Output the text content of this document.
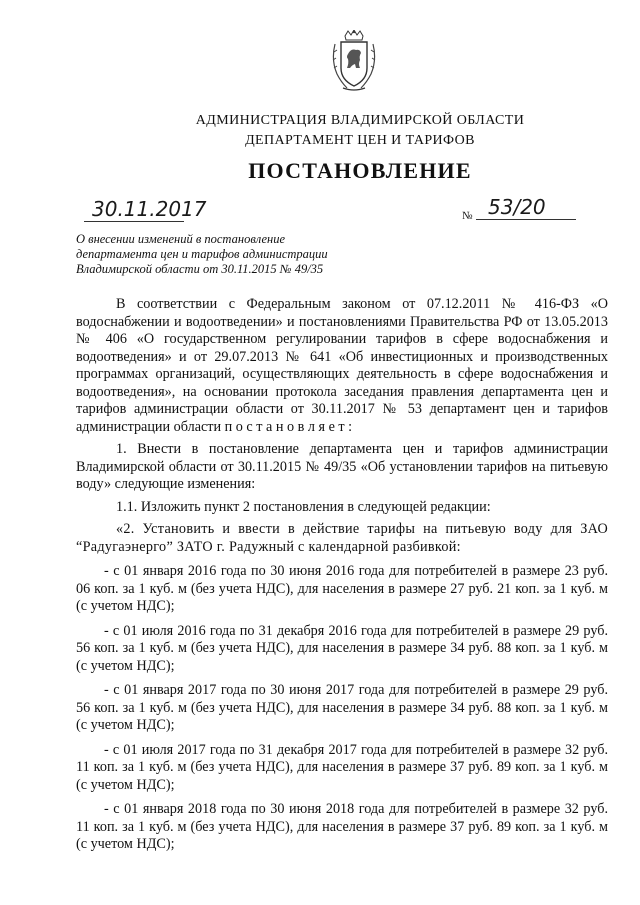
АДМИНИСТРАЦИЯ ВЛАДИМИРСКОЙ ОБЛАСТИ
ДЕПАРТАМЕНТ ЦЕН И ТАРИФОВ
ПОСТАНОВЛЕНИЕ
30.11.2017	№ 53/20
О внесении изменений в постановление
департамента цен и тарифов администрации
Владимирской области от 30.11.2015 № 49/35

В соответствии с Федеральным законом от 07.12.2011 № 416-ФЗ «О водоснабжении и водоотведении» и постановлениями Правительства РФ от 13.05.2013 № 406 «О государственном регулировании тарифов в сфере водоснабжения и водоотведения» и от 29.07.2013 № 641 «Об инвестиционных и производственных программах организаций, осуществляющих деятельность в сфере водоснабжения и водоотведения», на основании протокола заседания правления департамента цен и тарифов администрации области от 30.11.2017 № 53 департамент цен и тарифов администрации области п о с т а н о в л я е т :

1. Внести в постановление департамента цен и тарифов администрации Владимирской области от 30.11.2015 № 49/35 «Об установлении тарифов на питьевую воду» следующие изменения:

1.1. Изложить пункт 2 постановления в следующей редакции:

«2. Установить и ввести в действие тарифы на питьевую воду для ЗАО “Радугаэнерго” ЗАТО г. Радужный с календарной разбивкой:

- с 01 января 2016 года по 30 июня 2016 года для потребителей в размере 23 руб. 06 коп. за 1 куб. м (без учета НДС), для населения в размере 27 руб. 21 коп. за 1 куб. м (с учетом НДС);

- с 01 июля 2016 года по 31 декабря 2016 года для потребителей в размере 29 руб. 56 коп. за 1 куб. м (без учета НДС), для населения в размере 34 руб. 88 коп. за 1 куб. м (с учетом НДС);

- с 01 января 2017 года по 30 июня 2017 года для потребителей в размере 29 руб. 56 коп. за 1 куб. м (без учета НДС), для населения в размере 34 руб. 88 коп. за 1 куб. м (с учетом НДС);

- с 01 июля 2017 года по 31 декабря 2017 года для потребителей в размере 32 руб. 11 коп. за 1 куб. м (без учета НДС), для населения в размере 37 руб. 89 коп. за 1 куб. м (с учетом НДС);

- с 01 января 2018 года по 30 июня 2018 года для потребителей в размере 32 руб. 11 коп. за 1 куб. м (без учета НДС), для населения в размере 37 руб. 89 коп. за 1 куб. м (с учетом НДС);
